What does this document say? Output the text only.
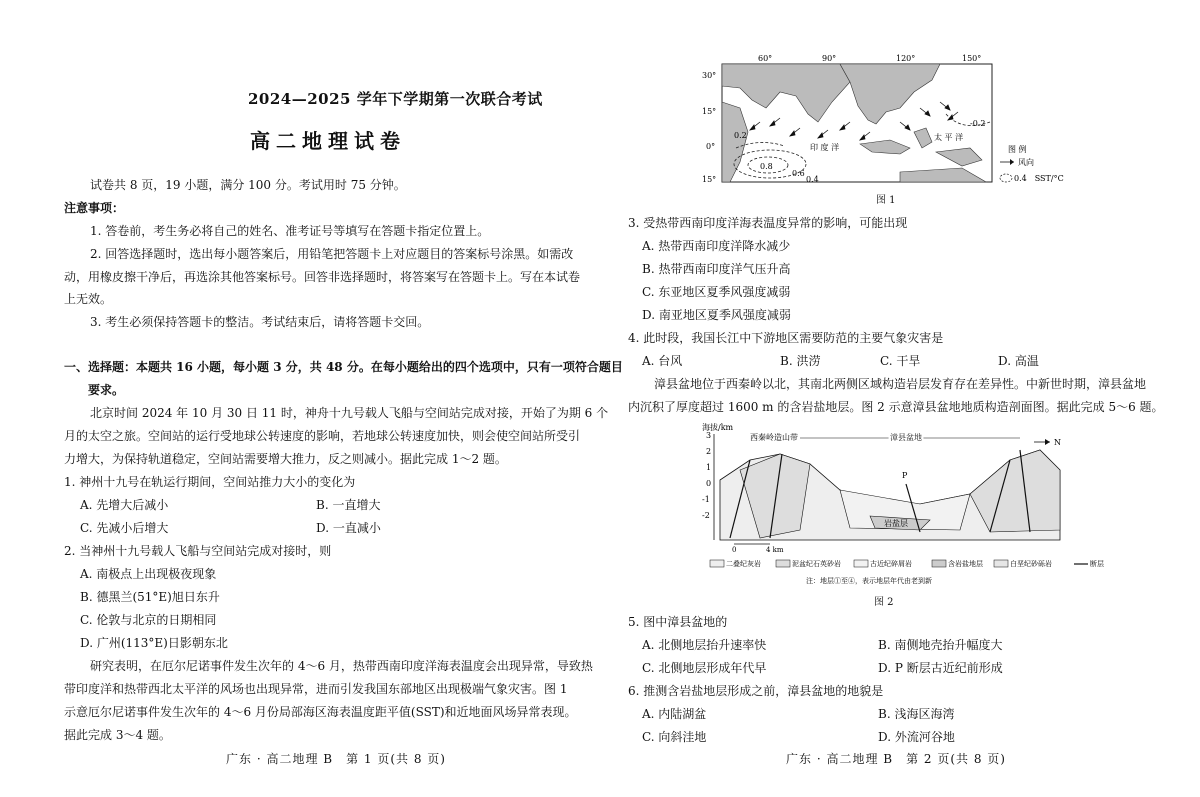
2024—2025 学年下学期第一次联合考试
高二地理试卷
试卷共 8 页，19 小题，满分 100 分。考试用时 75 分钟。
注意事项：
1. 答卷前，考生务必将自己的姓名、准考证号等填写在答题卡指定位置上。
2. 回答选择题时，选出每小题答案后，用铅笔把答题卡上对应题目的答案标号涂黑。如需改
动，用橡皮擦干净后，再选涂其他答案标号。回答非选择题时，将答案写在答题卡上。写在本试卷
上无效。
3. 考生必须保持答题卡的整洁。考试结束后，请将答题卡交回。
一、选择题：本题共 16 小题，每小题 3 分，共 48 分。在每小题给出的四个选项中，只有一项符合题目
要求。
北京时间 2024 年 10 月 30 日 11 时，神舟十九号载人飞船与空间站完成对接，开始了为期 6 个
月的太空之旅。空间站的运行受地球公转速度的影响，若地球公转速度加快，则会使空间站所受引
力增大，为保持轨道稳定，空间站需要增大推力，反之则减小。据此完成 1～2 题。
1. 神州十九号在轨运行期间，空间站推力大小的变化为
A. 先增大后减小	B. 一直增大
C. 先减小后增大	D. 一直减小
2. 当神州十九号载人飞船与空间站完成对接时，则
A. 南极点上出现极夜现象
B. 德黑兰(51°E)旭日东升
C. 伦敦与北京的日期相同
D. 广州(113°E)日影朝东北
研究表明，在厄尔尼诺事件发生次年的 4～6 月，热带西南印度洋海表温度会出现异常，导致热
带印度洋和热带西北太平洋的风场也出现异常，进而引发我国东部地区出现极端气象灾害。图 1
示意厄尔尼诺事件发生次年的 4～6 月份局部海区海表温度距平值(SST)和近地面风场异常表现。
据此完成 3～4 题。
广东 · 高二地理 B　第 1 页(共 8 页)
60°	90°	120°	150°
30°
15°
0°
15°
0.2
0.8
0.6
0.4
-0.2
印 度 洋
太 平 洋
图 例
风向
0.4　SST/°C
图 1
3. 受热带西南印度洋海表温度异常的影响，可能出现
A. 热带西南印度洋降水减少
B. 热带西南印度洋气压升高
C. 东亚地区夏季风强度减弱
D. 南亚地区夏季风强度减弱
4. 此时段，我国长江中下游地区需要防范的主要气象灾害是
A. 台风	B. 洪涝	C. 干旱	D. 高温
漳县盆地位于西秦岭以北，其南北两侧区域构造岩层发育存在差异性。中新世时期，漳县盆地
内沉积了厚度超过 1600 m 的含岩盐地层。图 2 示意漳县盆地地质构造剖面图。据此完成 5～6 题。
海拔/km
3
2
1
0
-1
-2
西秦岭造山带	漳县盆地
N
岩盐层
P
0	4 km
二叠纪灰岩	泥盆纪石英砂岩	古近纪碎屑岩	含岩盐地层	白垩纪砂砾岩	断层
注：地层①至④，表示地层年代由老到新
图 2
5. 图中漳县盆地的
A. 北侧地层抬升速率快	B. 南侧地壳抬升幅度大
C. 北侧地层形成年代早	D. P 断层古近纪前形成
6. 推测含岩盐地层形成之前，漳县盆地的地貌是
A. 内陆湖盆	B. 浅海区海湾
C. 向斜洼地	D. 外流河谷地
广东 · 高二地理 B　第 2 页(共 8 页)
